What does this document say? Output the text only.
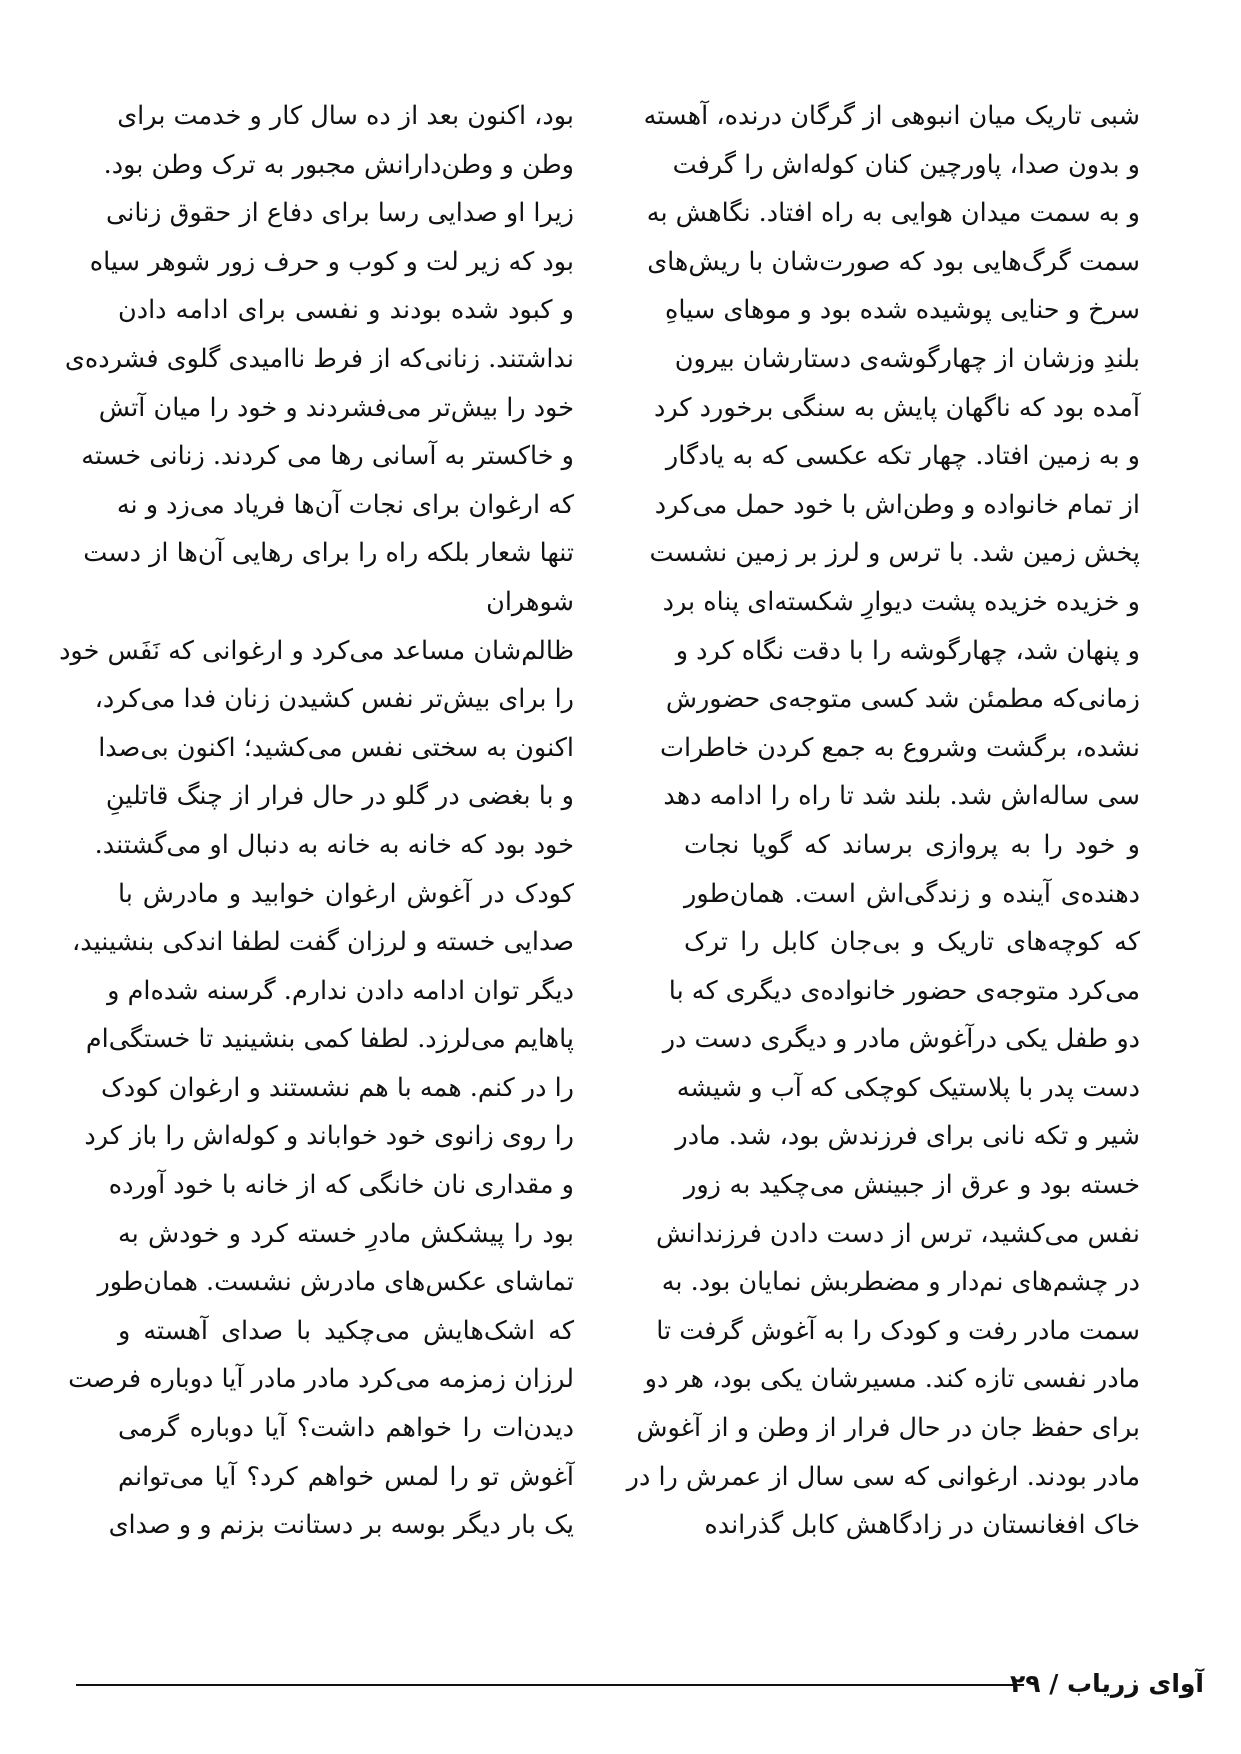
شبی تاریک میان انبوهی از گرگان درنده، آهسته
و بدون صدا، پاورچین کنان کوله‌اش را گرفت
و به سمت میدان هوایی به راه افتاد. نگاهش به
سمت گرگ‌هایی بود که صورت‌شان با ریش‌های
سرخ و حنایی پوشیده شده بود و موهای سیاهِ
بلندِ وزشان از چهارگوشه‌ی دستارشان بیرون
آمده بود که ناگهان پایش به سنگی برخورد کرد
و به زمین افتاد. چهار تکه عکسی که به یادگار
از تمام خانواده و وطن‌اش با خود حمل می‌کرد
پخش زمین شد. با ترس و لرز بر زمین نشست
و خزیده خزیده پشت دیوارِ شکسته‌ای پناه برد
و پنهان شد، چهارگوشه را با دقت نگاه کرد و
زمانی‌که مطمئن شد کسی متوجه‌ی حضورش
نشده، برگشت وشروع به جمع کردن خاطرات
سی ساله‌اش شد. بلند شد تا راه را ادامه دهد
و خود را به پروازی برساند که گویا نجات
دهنده‌ی آینده و زندگی‌اش است. همان‌طور
که کوچه‌های تاریک و بی‌جان کابل را ترک
می‌کرد متوجه‌ی حضور خانواده‌ی دیگری که با
دو طفل یکی درآغوش مادر و دیگری دست در
دست پدر با پلاستیک کوچکی که آب و شیشه
شیر و تکه نانی برای فرزندش بود، شد. مادر
خسته بود و عرق از جبینش می‌چکید به زور
نفس می‌کشید، ترس از دست دادن فرزندانش
در چشم‌های نم‌دار و مضطربش نمایان بود. به
سمت مادر رفت و کودک را به آغوش گرفت تا
مادر نفسی تازه کند. مسیرشان یکی بود، هر دو
برای حفظ جان در حال فرار از وطن و از آغوش
مادر بودند. ارغوانی که سی سال از عمرش را در
خاک افغانستان در زادگاهش کابل گذرانده
بود، اکنون بعد از ده سال کار و خدمت برای
وطن و وطن‌دارانش مجبور به ترک وطن بود.
زیرا او صدایی رسا برای دفاع از حقوق زنانی
بود که زیر لت و کوب و حرف زور شوهر سیاه
و کبود شده بودند و نفسی برای ادامه دادن
نداشتند. زنانی‌که از فرط ناامیدی گلوی فشرده‌ی
خود را بیش‌تر می‌فشردند و خود را میان آتش
و خاکستر به آسانی رها می کردند. زنانی خسته
که ارغوان برای نجات آن‌ها فریاد می‌زد و نه
تنها شعار بلکه راه را برای رهایی آن‌ها از دست
شوهران
ظالم‌شان مساعد می‌کرد و ارغوانی که نَفَس خود
را برای بیش‌تر نفس کشیدن زنان فدا می‌کرد،
اکنون به سختی نفس می‌کشید؛ اکنون بی‌صدا
و با بغضی در گلو در حال فرار از چنگ قاتلینِ
خود بود که خانه به خانه به دنبال او می‌گشتند.
کودک در آغوش ارغوان خوابید و مادرش با
صدایی خسته و لرزان گفت لطفا اندکی بنشینید،
دیگر توان ادامه دادن ندارم. گرسنه شده‌ام و
پاهایم می‌لرزد. لطفا کمی بنشینید تا خستگی‌ام
را در کنم. همه با هم نشستند و ارغوان کودک
را روی زانوی خود خواباند و کوله‌اش را باز کرد
و مقداری نان خانگی که از خانه با خود آورده
بود را پیشکش مادرِ خسته کرد و خودش به
تماشای عکس‌های مادرش نشست. همان‌طور
که اشک‌هایش می‌چکید با صدای آهسته و
لرزان زمزمه می‌کرد مادر مادر آیا دوباره فرصت
دیدن‌ات را خواهم داشت؟ آیا دوباره گرمی
آغوش تو را لمس خواهم کرد؟ آیا می‌توانم
یک بار دیگر بوسه بر دستانت بزنم و و صدای
آوای زریاب / ۲۹
